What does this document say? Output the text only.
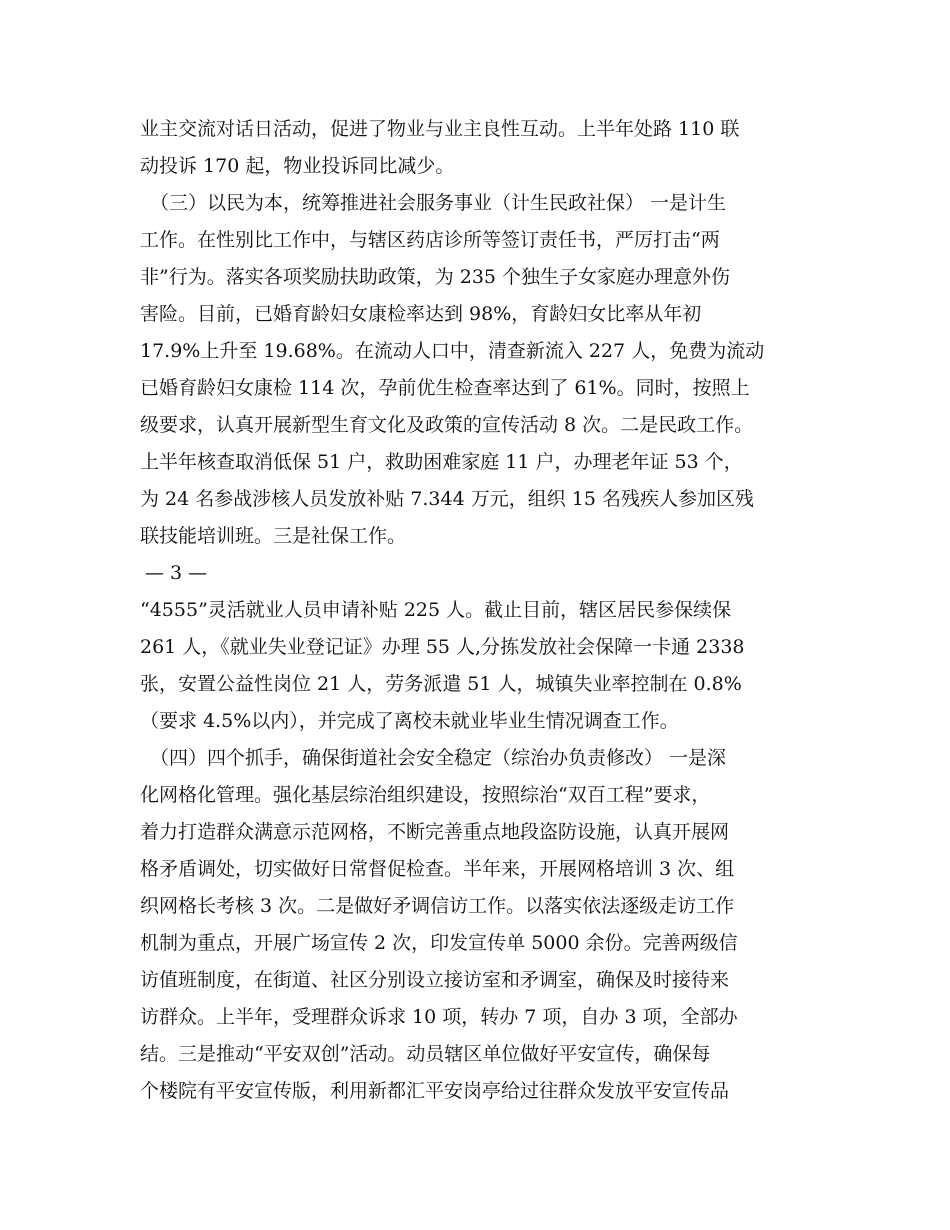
业主交流对话日活动，促进了物业与业主良性互动。上半年处路 110 联
动投诉 170 起，物业投诉同比减少。
（三）以民为本，统筹推进社会服务事业（计生民政社保） 一是计生
工作。在性别比工作中，与辖区药店诊所等签订责任书，严厉打击“两
非”行为。落实各项奖励扶助政策，为 235 个独生子女家庭办理意外伤
害险。目前，已婚育龄妇女康检率达到 98%，育龄妇女比率从年初
17.9%上升至 19.68%。在流动人口中，清查新流入 227 人，免费为流动
已婚育龄妇女康检 114 次，孕前优生检查率达到了 61%。同时，按照上
级要求，认真开展新型生育文化及政策的宣传活动 8 次。二是民政工作。
上半年核查取消低保 51 户，救助困难家庭 11 户，办理老年证 53 个，
为 24 名参战涉核人员发放补贴 7.344 万元，组织 15 名残疾人参加区残
联技能培训班。三是社保工作。
— 3 —
“4555”灵活就业人员申请补贴 225 人。截止目前，辖区居民参保续保
261 人，《就业失业登记证》办理 55 人,分拣发放社会保障一卡通 2338
张，安置公益性岗位 21 人，劳务派遣 51 人，城镇失业率控制在 0.8%
（要求 4.5%以内），并完成了离校未就业毕业生情况调查工作。
（四）四个抓手，确保街道社会安全稳定（综治办负责修改） 一是深
化网格化管理。强化基层综治组织建设，按照综治“双百工程”要求，
着力打造群众满意示范网格，不断完善重点地段盗防设施，认真开展网
格矛盾调处，切实做好日常督促检查。半年来，开展网格培训 3 次、组
织网格长考核 3 次。二是做好矛调信访工作。以落实依法逐级走访工作
机制为重点，开展广场宣传 2 次，印发宣传单 5000 余份。完善两级信
访值班制度，在街道、社区分别设立接访室和矛调室，确保及时接待来
访群众。上半年，受理群众诉求 10 项，转办 7 项，自办 3 项，全部办
结。三是推动“平安双创”活动。动员辖区单位做好平安宣传，确保每
个楼院有平安宣传版，利用新都汇平安岗亭给过往群众发放平安宣传品
